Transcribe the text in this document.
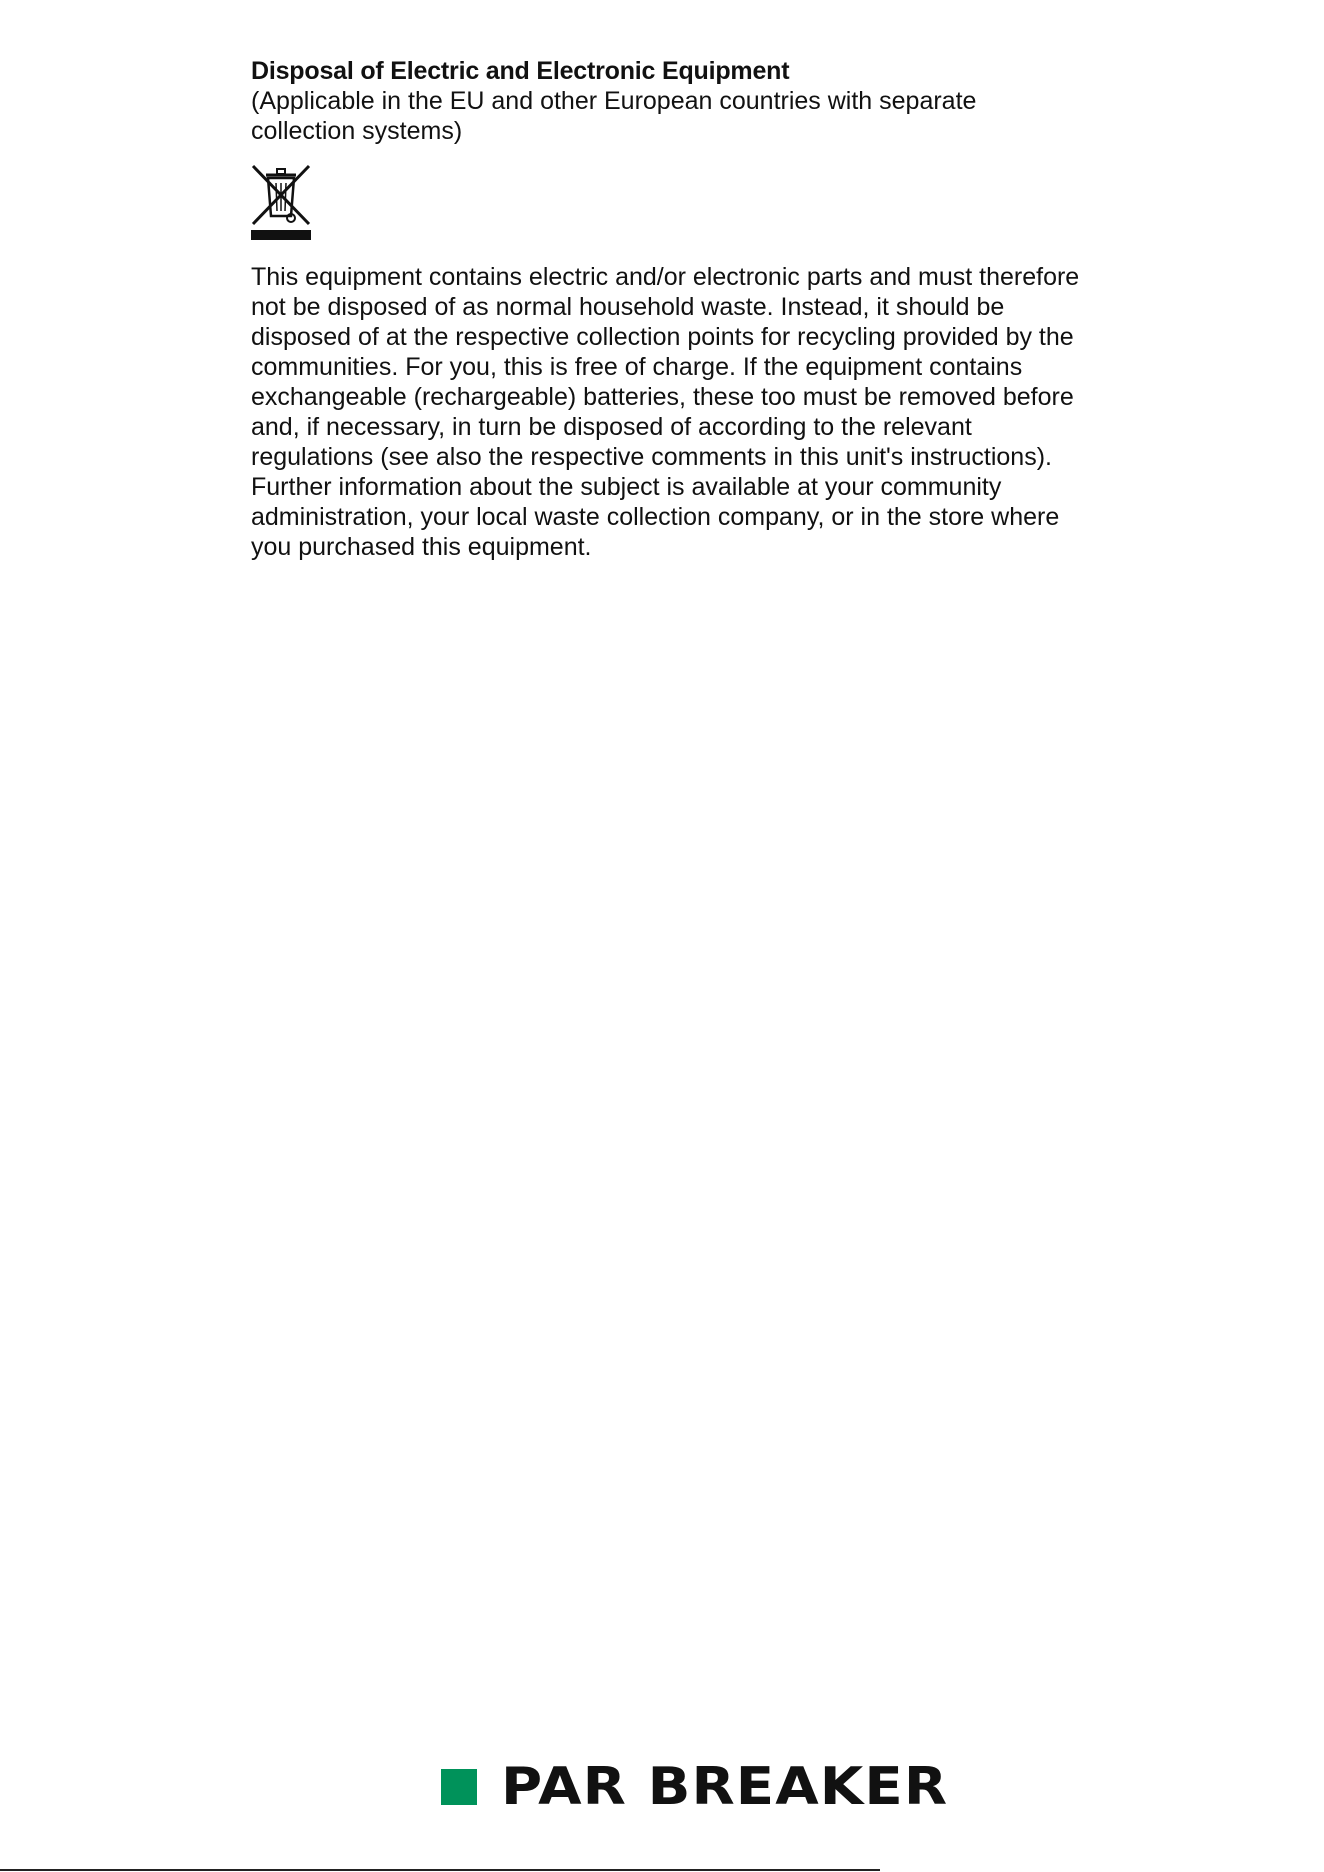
Disposal of Electric and Electronic Equipment

(Applicable in the EU and other European countries with separate collection systems)

This equipment contains electric and/or electronic parts and must therefore not be disposed of as normal household waste. Instead, it should be disposed of at the respective collection points for recycling provided by the communities. For you, this is free of charge. If the equipment contains exchangeable (rechargeable) batteries, these too must be removed before and, if necessary, in turn be disposed of according to the relevant regulations (see also the respective comments in this unit's instructions). Further information about the subject is available at your community administration, your local waste collection company, or in the store where you purchased this equipment.

PAR BREAKER
